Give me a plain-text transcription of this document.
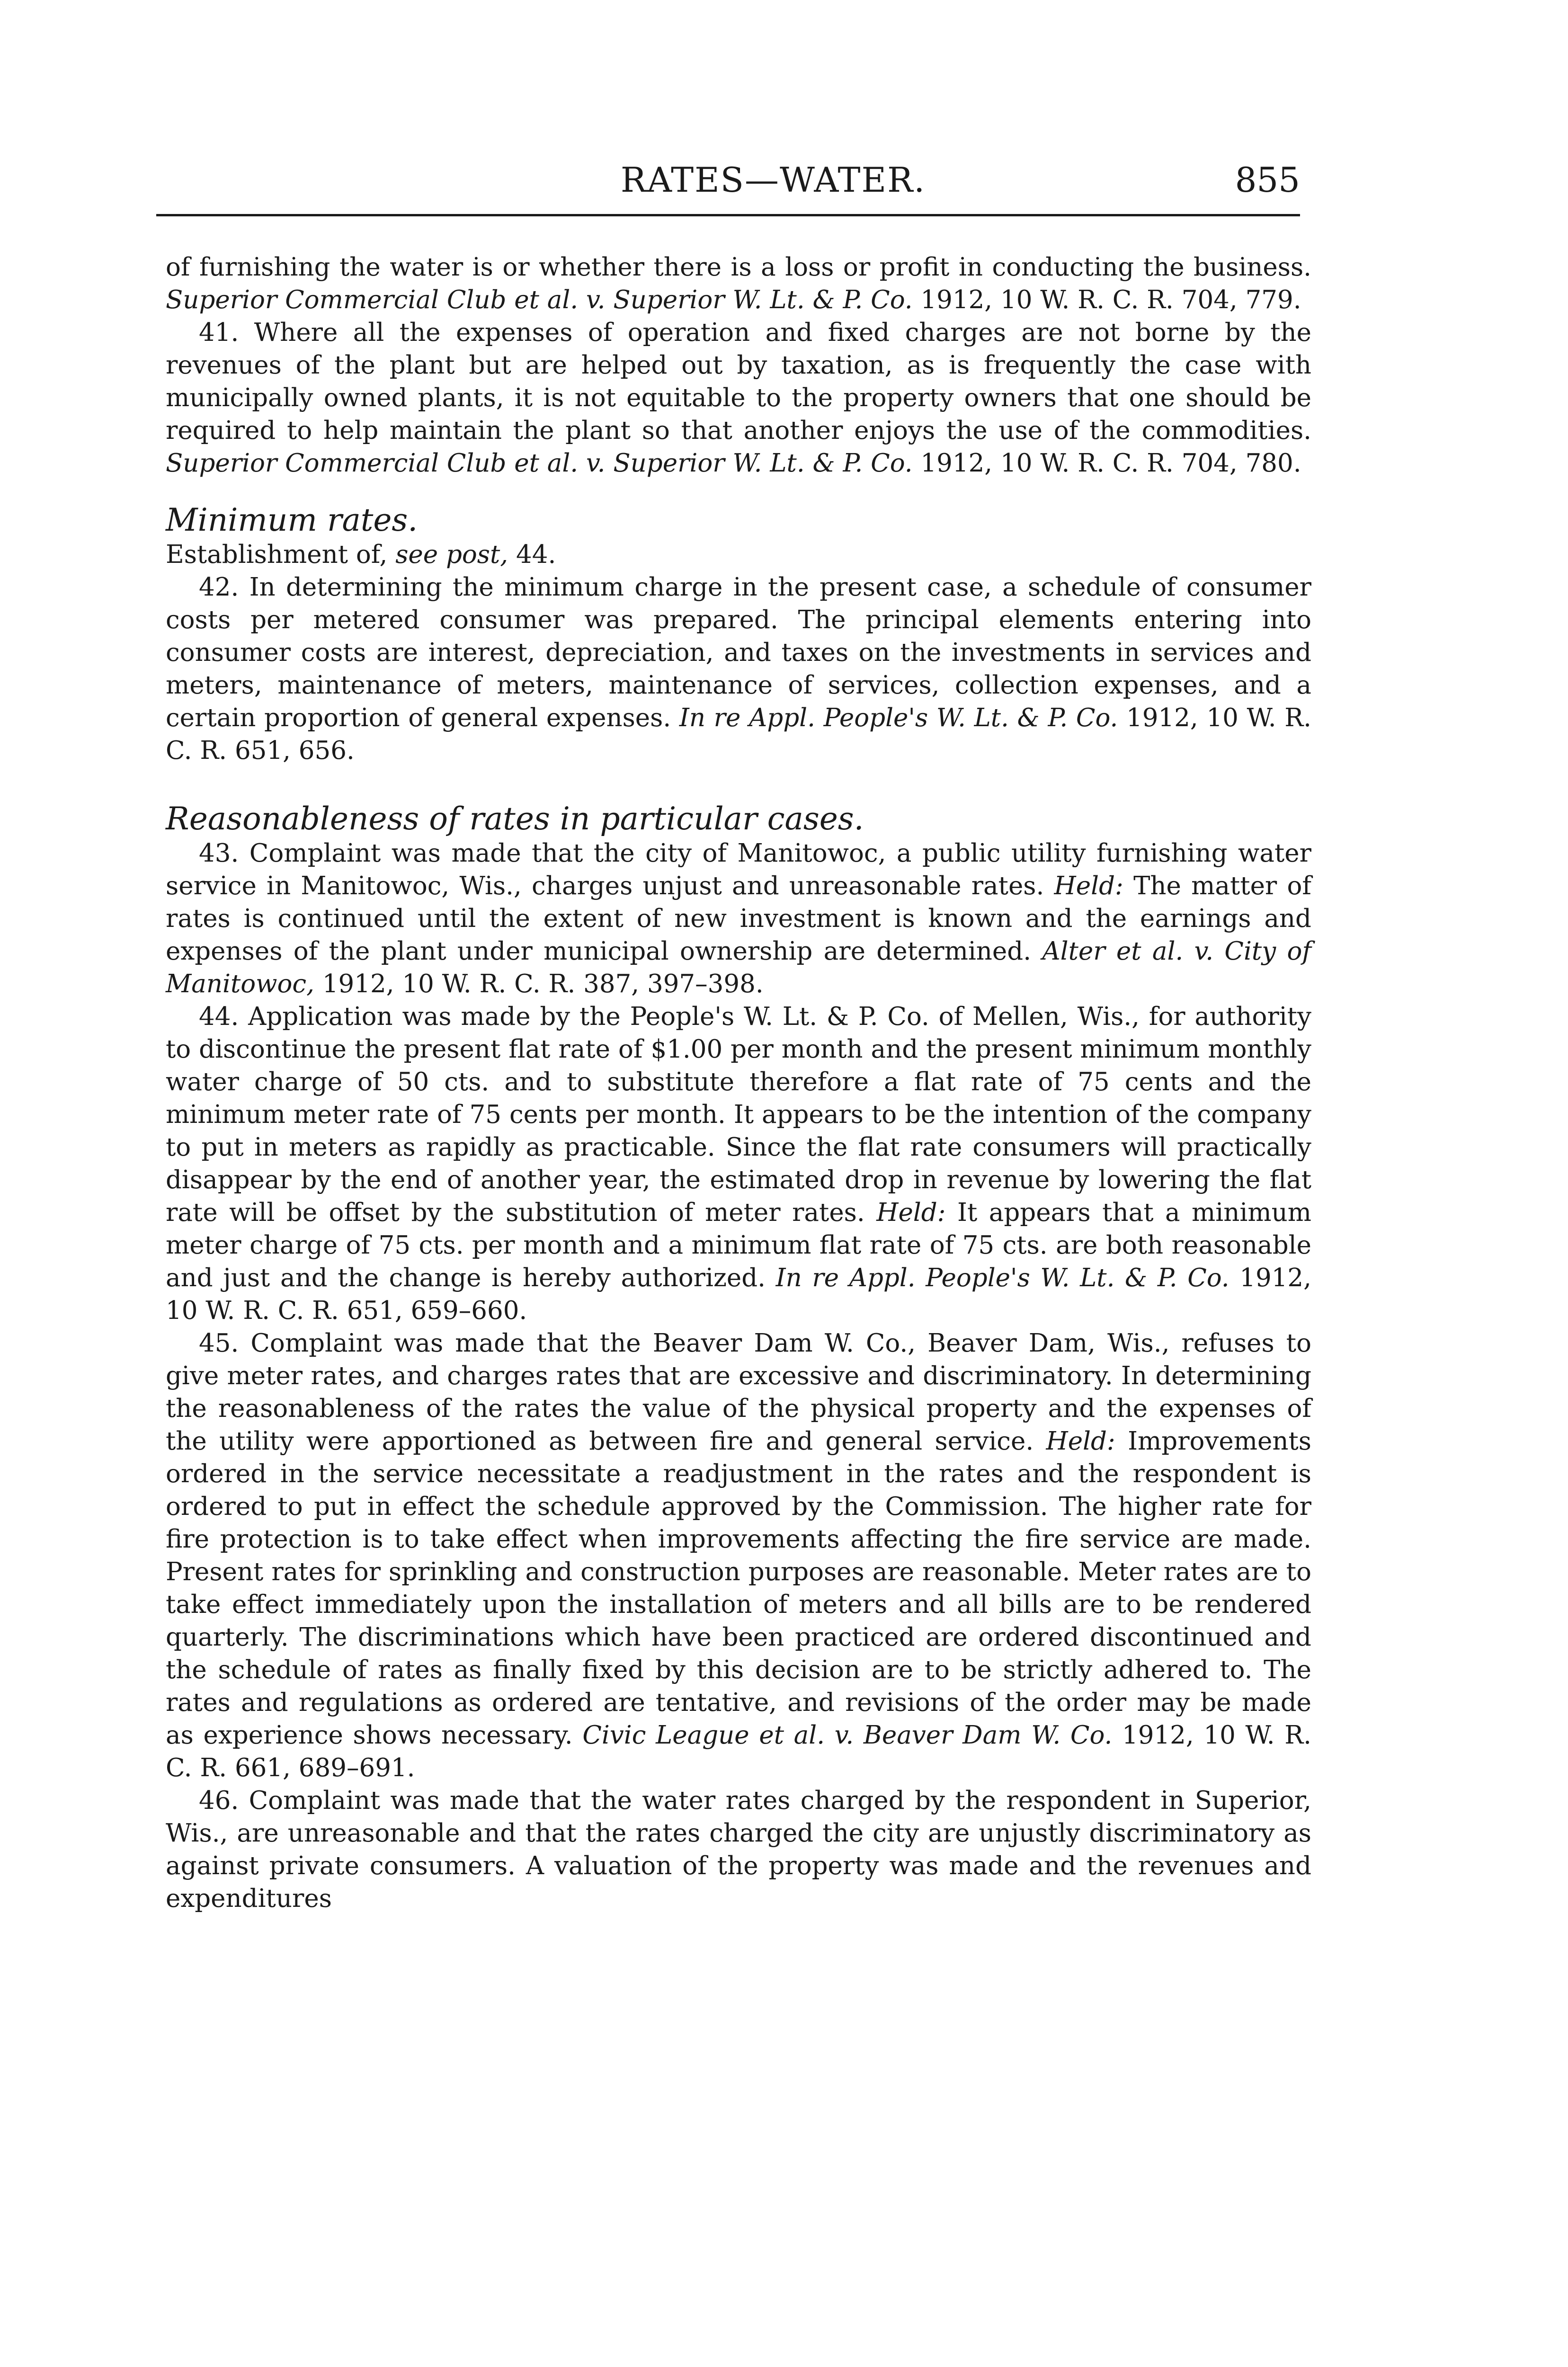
RATES—WATER.	855

of furnishing the water is or whether there is a loss or profit in conducting the business. Superior Commercial Club et al. v. Superior W. Lt. & P. Co. 1912, 10 W. R. C. R. 704, 779.

41. Where all the expenses of operation and fixed charges are not borne by the revenues of the plant but are helped out by taxation, as is frequently the case with municipally owned plants, it is not equitable to the property owners that one should be required to help maintain the plant so that another enjoys the use of the commodities. Superior Commercial Club et al. v. Superior W. Lt. & P. Co. 1912, 10 W. R. C. R. 704, 780.

Minimum rates.

Establishment of, see post, 44.

42. In determining the minimum charge in the present case, a schedule of consumer costs per metered consumer was prepared. The principal elements entering into consumer costs are interest, depreciation, and taxes on the investments in services and meters, maintenance of meters, maintenance of services, collection expenses, and a certain proportion of general expenses. In re Appl. People's W. Lt. & P. Co. 1912, 10 W. R. C. R. 651, 656.

Reasonableness of rates in particular cases.

43. Complaint was made that the city of Manitowoc, a public utility furnishing water service in Manitowoc, Wis., charges unjust and unreasonable rates. Held: The matter of rates is continued until the extent of new investment is known and the earnings and expenses of the plant under municipal ownership are determined. Alter et al. v. City of Manitowoc, 1912, 10 W. R. C. R. 387, 397–398.

44. Application was made by the People's W. Lt. & P. Co. of Mellen, Wis., for authority to discontinue the present flat rate of $1.00 per month and the present minimum monthly water charge of 50 cts. and to substitute therefore a flat rate of 75 cents and the minimum meter rate of 75 cents per month. It appears to be the intention of the company to put in meters as rapidly as practicable. Since the flat rate consumers will practically disappear by the end of another year, the estimated drop in revenue by lowering the flat rate will be offset by the substitution of meter rates. Held: It appears that a minimum meter charge of 75 cts. per month and a minimum flat rate of 75 cts. are both reasonable and just and the change is hereby authorized. In re Appl. People's W. Lt. & P. Co. 1912, 10 W. R. C. R. 651, 659–660.

45. Complaint was made that the Beaver Dam W. Co., Beaver Dam, Wis., refuses to give meter rates, and charges rates that are excessive and discriminatory. In determining the reasonableness of the rates the value of the physical property and the expenses of the utility were apportioned as between fire and general service. Held: Improvements ordered in the service necessitate a readjustment in the rates and the respondent is ordered to put in effect the schedule approved by the Commission. The higher rate for fire protection is to take effect when improvements affecting the fire service are made. Present rates for sprinkling and construction purposes are reasonable. Meter rates are to take effect immediately upon the installation of meters and all bills are to be rendered quarterly. The discriminations which have been practiced are ordered discontinued and the schedule of rates as finally fixed by this decision are to be strictly adhered to. The rates and regulations as ordered are tentative, and revisions of the order may be made as experience shows necessary. Civic League et al. v. Beaver Dam W. Co. 1912, 10 W. R. C. R. 661, 689–691.

46. Complaint was made that the water rates charged by the respondent in Superior, Wis., are unreasonable and that the rates charged the city are unjustly discriminatory as against private consumers. A valuation of the property was made and the revenues and expenditures
